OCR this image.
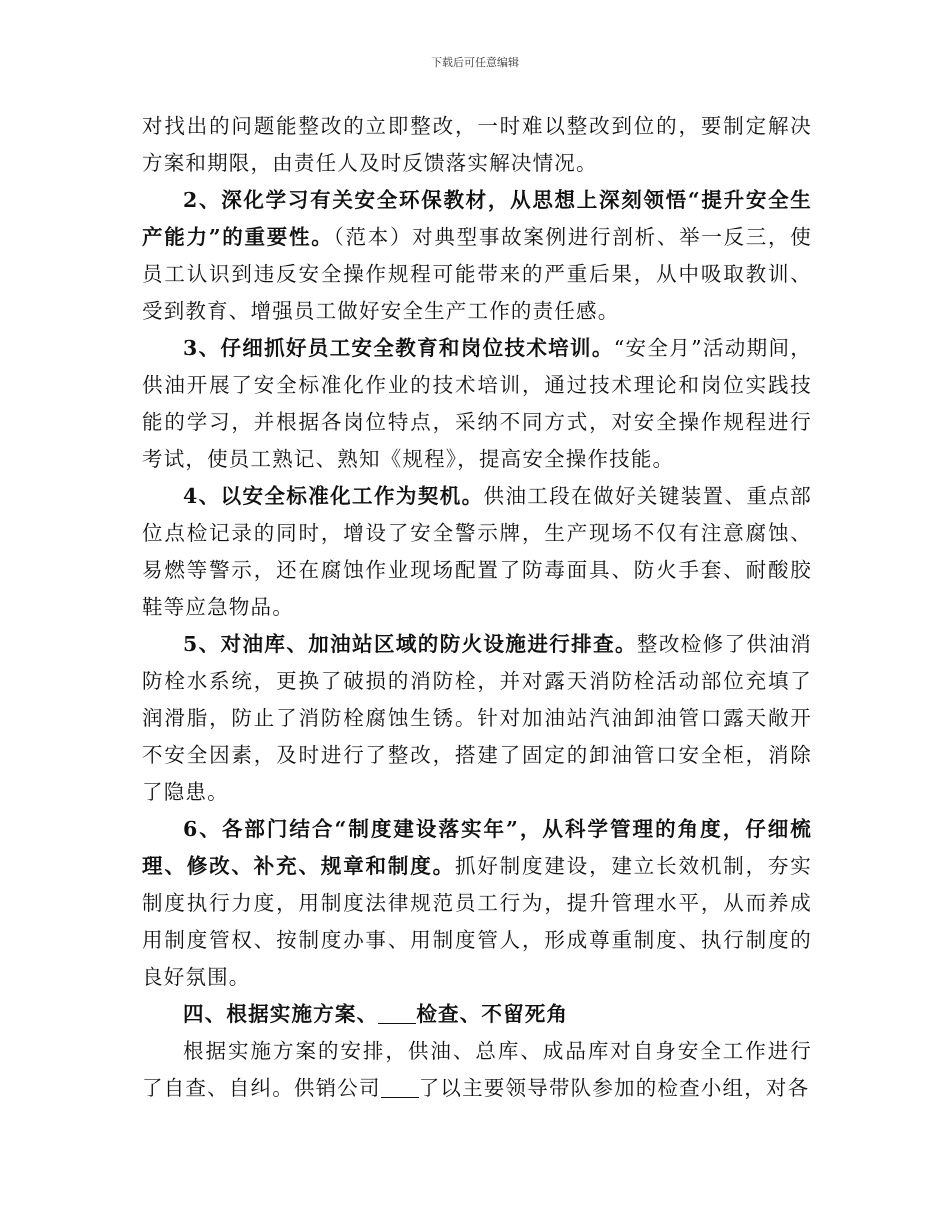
下载后可任意编辑

对找出的问题能整改的立即整改，一时难以整改到位的，要制定解决方案和期限，由责任人及时反馈落实解决情况。

2、深化学习有关安全环保教材，从思想上深刻领悟“提升安全生产能力”的重要性。（范本）对典型事故案例进行剖析、举一反三，使员工认识到违反安全操作规程可能带来的严重后果，从中吸取教训、受到教育、增强员工做好安全生产工作的责任感。

3、仔细抓好员工安全教育和岗位技术培训。“安全月”活动期间，供油开展了安全标准化作业的技术培训，通过技术理论和岗位实践技能的学习，并根据各岗位特点，采纳不同方式，对安全操作规程进行考试，使员工熟记、熟知《规程》，提高安全操作技能。

4、以安全标准化工作为契机。供油工段在做好关键装置、重点部位点检记录的同时，增设了安全警示牌，生产现场不仅有注意腐蚀、易燃等警示，还在腐蚀作业现场配置了防毒面具、防火手套、耐酸胶鞋等应急物品。

5、对油库、加油站区域的防火设施进行排查。整改检修了供油消防栓水系统，更换了破损的消防栓，并对露天消防栓活动部位充填了润滑脂，防止了消防栓腐蚀生锈。针对加油站汽油卸油管口露天敞开不安全因素，及时进行了整改，搭建了固定的卸油管口安全柜，消除了隐患。

6、各部门结合“制度建设落实年”，从科学管理的角度，仔细梳理、修改、补充、规章和制度。抓好制度建设，建立长效机制，夯实制度执行力度，用制度法律规范员工行为，提升管理水平，从而养成用制度管权、按制度办事、用制度管人，形成尊重制度、执行制度的良好氛围。

四、根据实施方案、 检查、不留死角

根据实施方案的安排，供油、总库、成品库对自身安全工作进行了自查、自纠。供销公司 了以主要领导带队参加的检查小组，对各
